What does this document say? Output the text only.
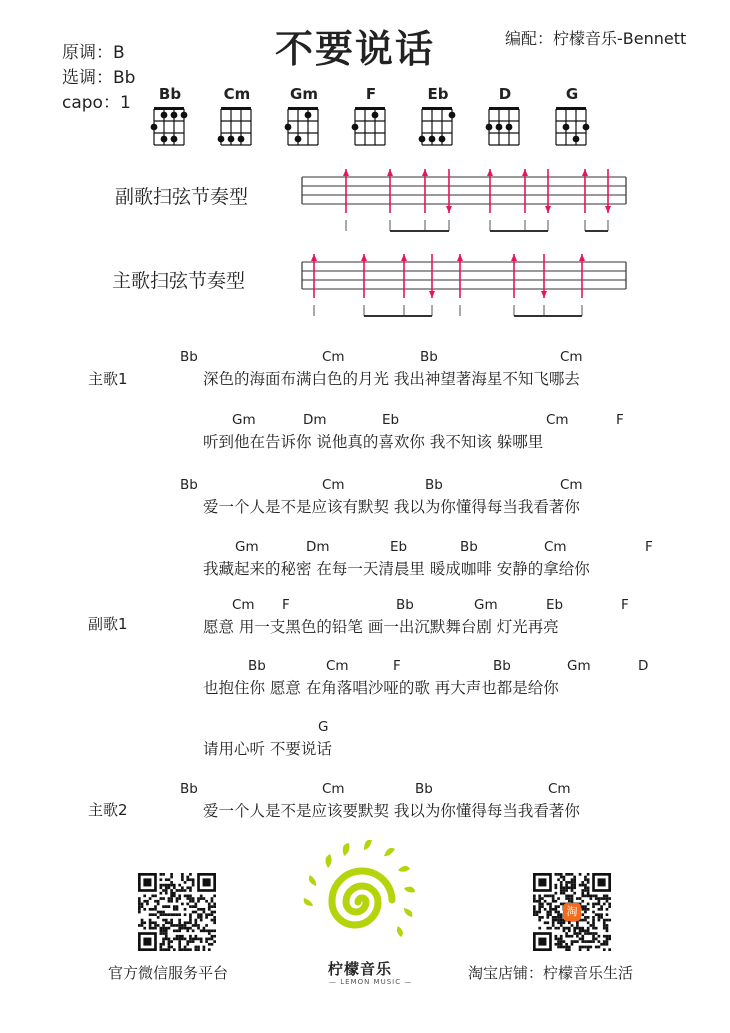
不要说话	编配：柠檬音乐-Bennett
原调：B
选调：Bb
capo：1	Bb	Cm	Gm	F	Eb	D	G
副歌扫弦节奏型
主歌扫弦节奏型
主歌1
Bb	Cm	Bb	Cm
深色的海面布满白色的月光 我出神望著海星不知飞哪去
Gm	Dm	Eb	Cm	F
听到他在告诉你 说他真的喜欢你 我不知该 躲哪里
Bb	Cm	Bb	Cm
爱一个人是不是应该有默契 我以为你懂得每当我看著你
Gm	Dm	Eb	Bb	Cm	F
我藏起来的秘密 在每一天清晨里 暖成咖啡 安静的拿给你
副歌1
Cm F	Bb	Gm	Eb	F
愿意 用一支黑色的铅笔 画一出沉默舞台剧 灯光再亮
Bb	Cm	F	Bb	Gm	D
也抱住你 愿意 在角落唱沙哑的歌 再大声也都是给你
G
请用心听 不要说话
主歌2
Bb	Cm	Bb	Cm
爱一个人是不是应该要默契 我以为你懂得每当我看著你
官方微信服务平台	柠檬音乐
— LEMON MUSIC —
淘
淘宝店铺：柠檬音乐生活
